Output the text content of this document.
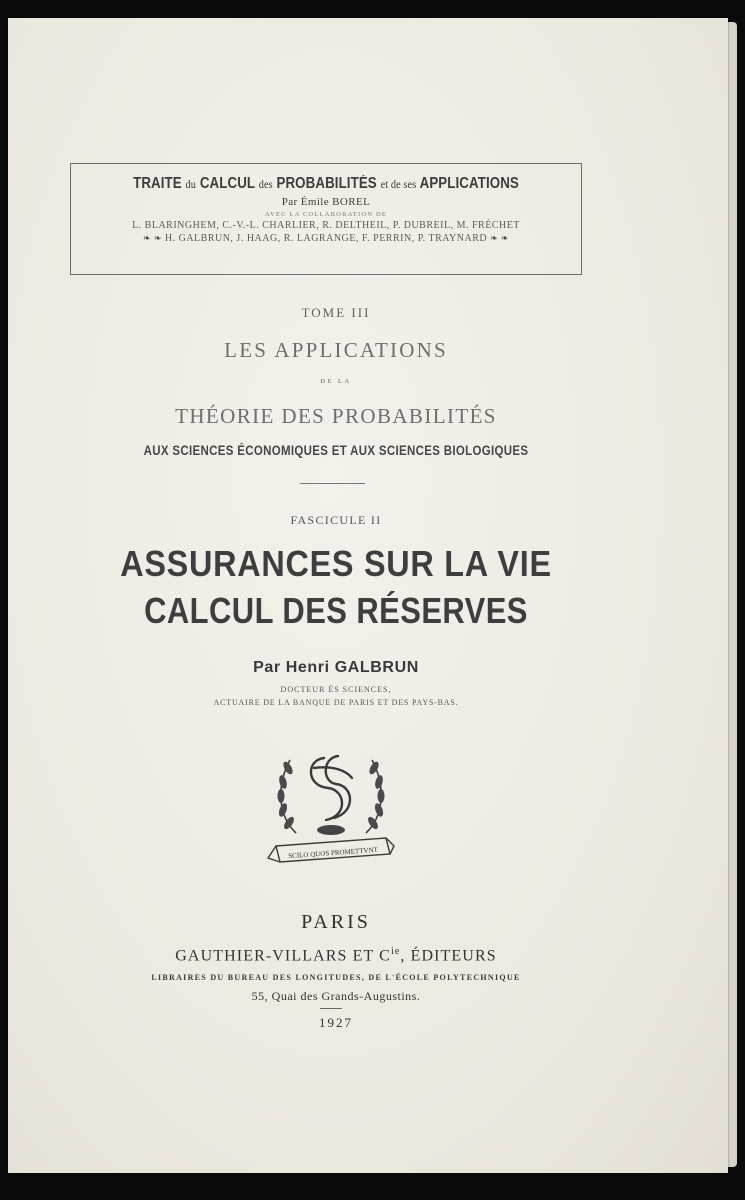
TRAITE du CALCUL des PROBABILITÉS et de ses APPLICATIONS
Par Émile BOREL
AVEC LA COLLABORATION DE
L. BLARINGHEM, C.-V.-L. CHARLIER, R. DELTHEIL, P. DUBREIL, M. FRÉCHET
❧ ❧ H. GALBRUN, J. HAAG, R. LAGRANGE, F. PERRIN, P. TRAYNARD ❧ ❧
TOME III
LES APPLICATIONS
DE LA
THÉORIE DES PROBABILITÉS
AUX SCIENCES ÉCONOMIQUES ET AUX SCIENCES BIOLOGIQUES
FASCICULE II
ASSURANCES SUR LA VIE
CALCUL DES RÉSERVES
Par Henri GALBRUN
DOCTEUR ÈS SCIENCES,
ACTUAIRE DE LA BANQUE DE PARIS ET DES PAYS-BAS.
SCILO QUOS PROMETTVNT
PARIS
GAUTHIER-VILLARS ET $C^{ie}$, ÉDITEURS
LIBRAIRES DU BUREAU DES LONGITUDES, DE L'ÉCOLE POLYTECHNIQUE
55, Quai des Grands-Augustins.
1927
